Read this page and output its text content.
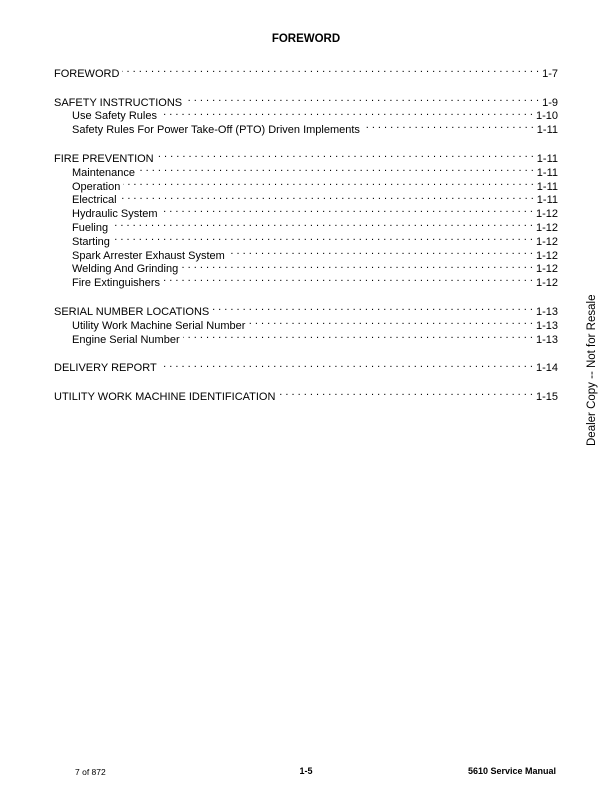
FOREWORD
FOREWORD . . .	1-7
SAFETY INSTRUCTIONS . . .	1-9
Use Safety Rules . . .	1-10
Safety Rules For Power Take-Off (PTO) Driven Implements . . .	1-11
FIRE PREVENTION . . .	1-11
Maintenance . . .	1-11
Operation . . .	1-11
Electrical . . .	1-11
Hydraulic System . . .	1-12
Fueling . . .	1-12
Starting . . .	1-12
Spark Arrester Exhaust System . . .	1-12
Welding And Grinding . . .	1-12
Fire Extinguishers . . .	1-12
SERIAL NUMBER LOCATIONS . . .	1-13
Utility Work Machine Serial Number . . .	1-13
Engine Serial Number . . .	1-13
DELIVERY REPORT . . .	1-14
UTILITY WORK MACHINE IDENTIFICATION . . .	1-15 Dealer Copy -- Not for Resale
7 of 872	1-5	5610 Service Manual
